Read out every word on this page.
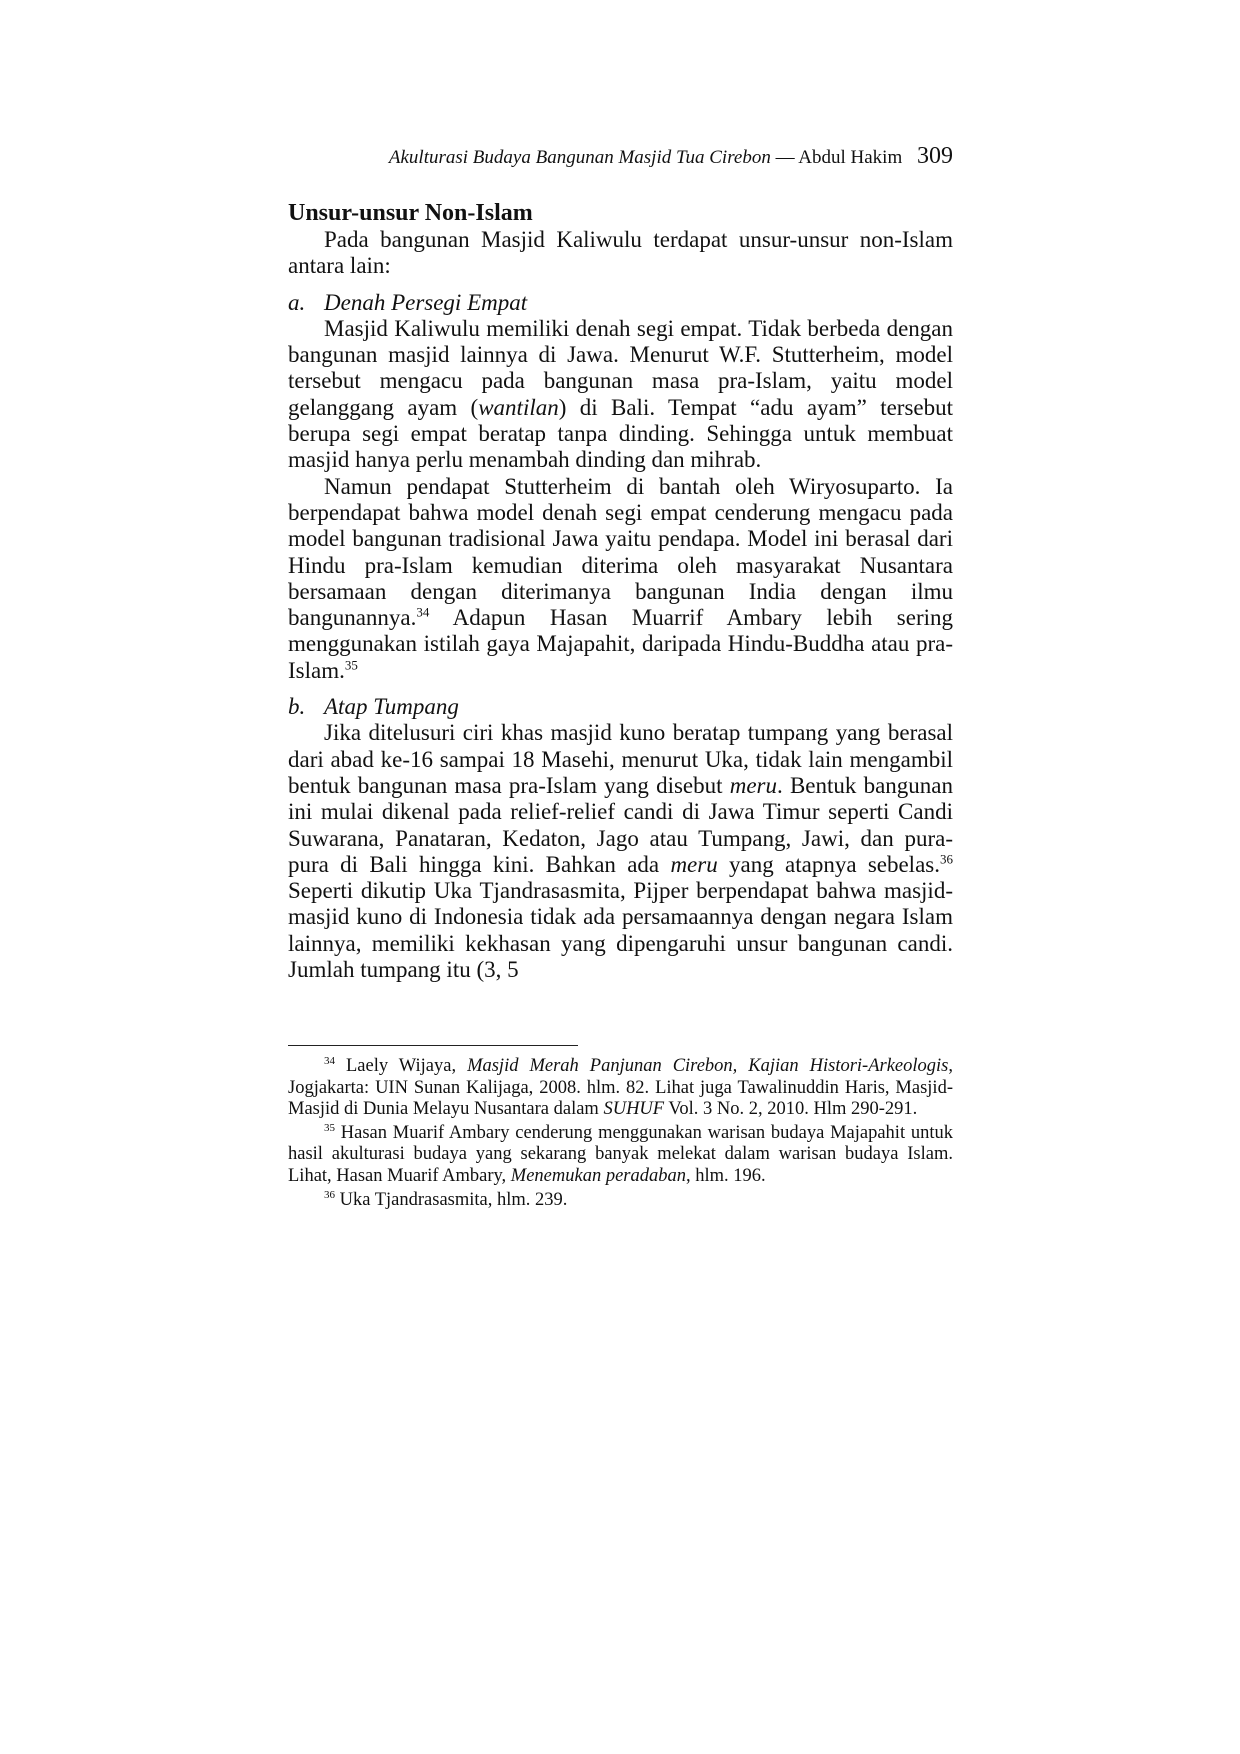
Akulturasi Budaya Bangunan Masjid Tua Cirebon — Abdul Hakim 309
Unsur-unsur Non-Islam

Pada bangunan Masjid Kaliwulu terdapat unsur-unsur non-Islam antara lain:

a. Denah Persegi Empat

Masjid Kaliwulu memiliki denah segi empat. Tidak berbeda dengan bangunan masjid lainnya di Jawa. Menurut W.F. Stutterheim, model tersebut mengacu pada bangunan masa pra-Islam, yaitu model gelanggang ayam (wantilan) di Bali. Tempat “adu ayam” tersebut berupa segi empat beratap tanpa dinding. Sehingga untuk membuat masjid hanya perlu menambah dinding dan mihrab.

Namun pendapat Stutterheim di bantah oleh Wiryosuparto. Ia berpendapat bahwa model denah segi empat cenderung mengacu pada model bangunan tradisional Jawa yaitu pendapa. Model ini berasal dari Hindu pra-Islam kemudian diterima oleh masyarakat Nusantara bersamaan dengan diterimanya bangunan India dengan ilmu bangunannya.$^{34}$ Adapun Hasan Muarrif Ambary lebih sering menggunakan istilah gaya Majapahit, daripada Hindu-Buddha atau pra-Islam.$^{35}$

b. Atap Tumpang

Jika ditelusuri ciri khas masjid kuno beratap tumpang yang berasal dari abad ke-16 sampai 18 Masehi, menurut Uka, tidak lain mengambil bentuk bangunan masa pra-Islam yang disebut meru. Bentuk bangunan ini mulai dikenal pada relief-relief candi di Jawa Timur seperti Candi Suwarana, Panataran, Kedaton, Jago atau Tumpang, Jawi, dan pura-pura di Bali hingga kini. Bahkan ada meru yang atapnya sebelas.$^{36}$ Seperti dikutip Uka Tjandrasasmita, Pijper berpendapat bahwa masjid-masjid kuno di Indonesia tidak ada persamaannya dengan negara Islam lainnya, memiliki kekhasan yang dipengaruhi unsur bangunan candi. Jumlah tumpang itu (3, 5

$^{34}$ Laely Wijaya, Masjid Merah Panjunan Cirebon, Kajian Histori-Arkeologis, Jogjakarta: UIN Sunan Kalijaga, 2008. hlm. 82. Lihat juga Tawalinuddin Haris, Masjid-Masjid di Dunia Melayu Nusantara dalam SUHUF Vol. 3 No. 2, 2010. Hlm 290-291.

$^{35}$ Hasan Muarif Ambary cenderung menggunakan warisan budaya Majapahit untuk hasil akulturasi budaya yang sekarang banyak melekat dalam warisan budaya Islam. Lihat, Hasan Muarif Ambary, Menemukan peradaban, hlm. 196.

$^{36}$ Uka Tjandrasasmita, hlm. 239.
